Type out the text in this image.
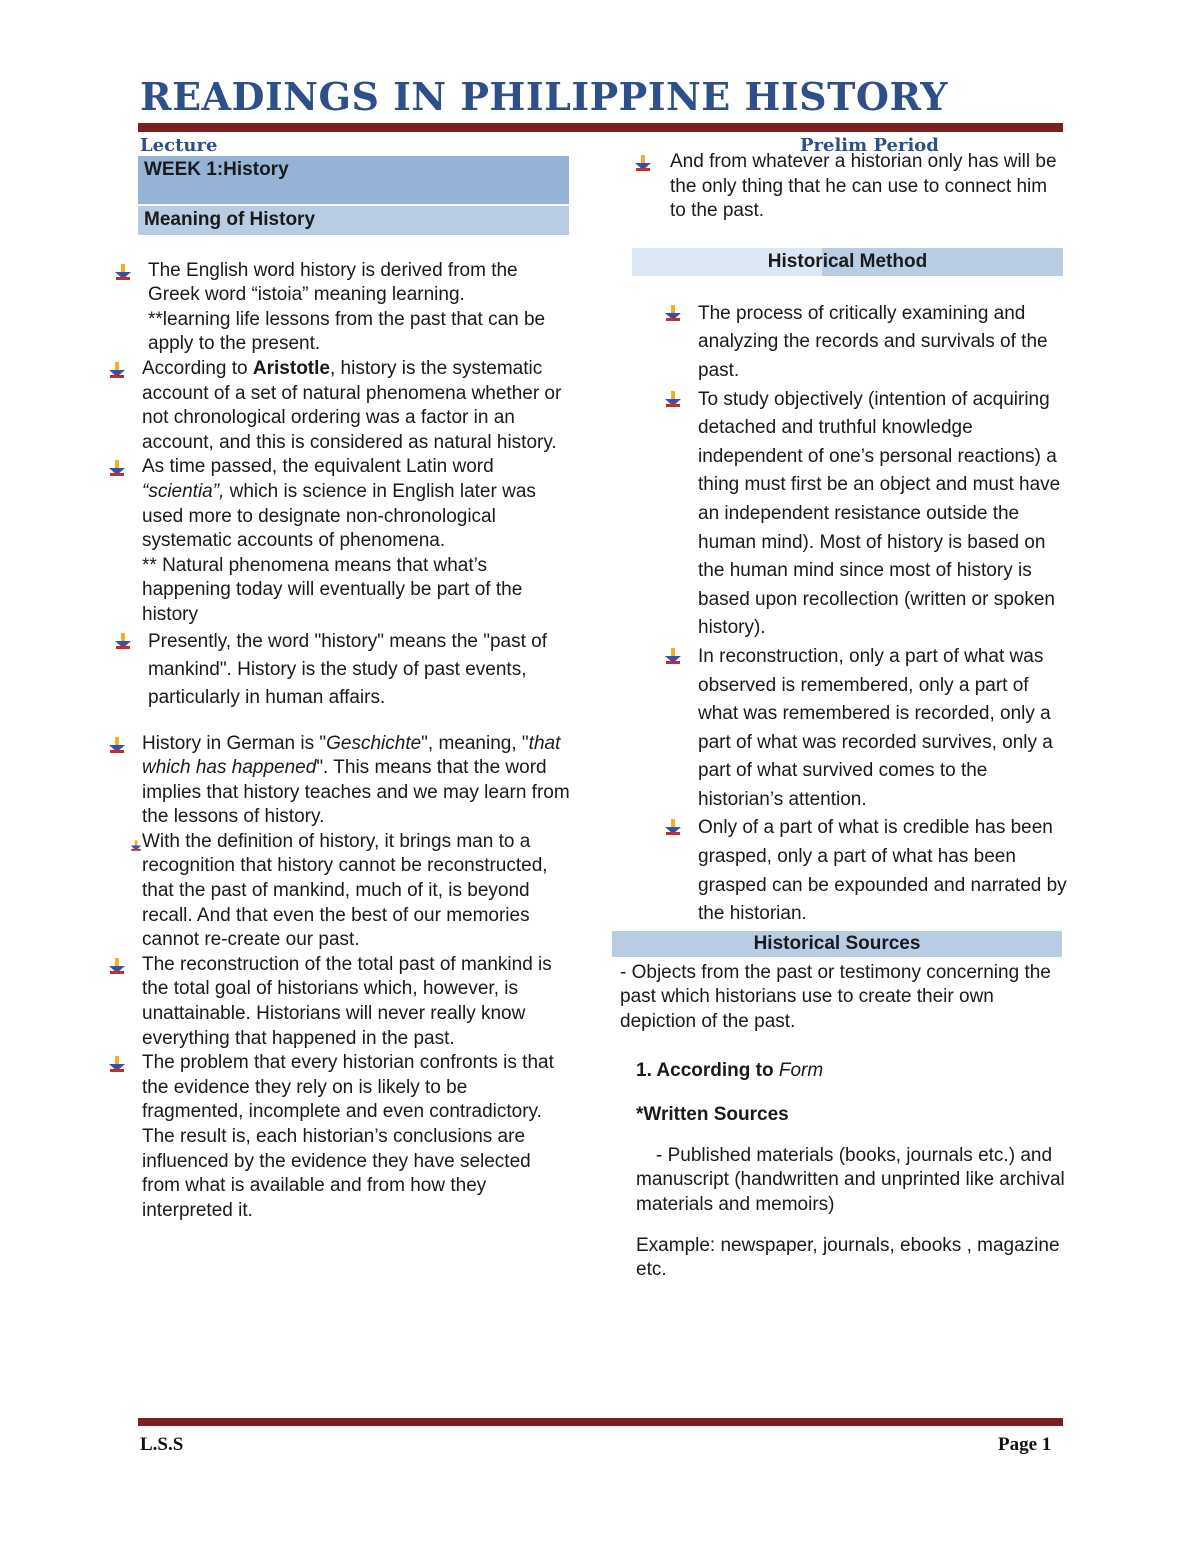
READINGS IN PHILIPPINE HISTORY
Lecture	Prelim Period
WEEK 1:History
Meaning of History

The English word history is derived from the Greek word “istoia” meaning learning.

**learning life lessons from the past that can be apply to the present.

According to Aristotle, history is the systematic account of a set of natural phenomena whether or not chronological ordering was a factor in an account, and this is considered as natural history.

As time passed, the equivalent Latin word “scientia”, which is science in English later was used more to designate non-chronological systematic accounts of phenomena.

** Natural phenomena means that what’s happening today will eventually be part of the history

Presently, the word "history" means the "past of mankind". History is the study of past events, particularly in human affairs.

History in German is "Geschichte", meaning, "that which has happened". This means that the word implies that history teaches and we may learn from the lessons of history.

With the definition of history, it brings man to a recognition that history cannot be reconstructed, that the past of mankind, much of it, is beyond recall. And that even the best of our memories cannot re-create our past.

The reconstruction of the total past of mankind is the total goal of historians which, however, is unattainable. Historians will never really know everything that happened in the past.

The problem that every historian confronts is that the evidence they rely on is likely to be fragmented, incomplete and even contradictory. The result is, each historian’s conclusions are influenced by the evidence they have selected from what is available and from how they interpreted it.

And from whatever a historian only has will be the only thing that he can use to connect him to the past.

Historical Method

The process of critically examining and analyzing the records and survivals of the past.

To study objectively (intention of acquiring detached and truthful knowledge independent of one’s personal reactions) a thing must first be an object and must have an independent resistance outside the human mind). Most of history is based on the human mind since most of history is based upon recollection (written or spoken history).

In reconstruction, only a part of what was observed is remembered, only a part of what was remembered is recorded, only a part of what was recorded survives, only a part of what survived comes to the historian’s attention.

Only of a part of what is credible has been grasped, only a part of what has been grasped can be expounded and narrated by the historian.

Historical Sources

- Objects from the past or testimony concerning the past which historians use to create their own depiction of the past.

1. According to Form

*Written Sources

- Published materials (books, journals etc.) and manuscript (handwritten and unprinted like archival materials and memoirs)

Example: newspaper, journals, ebooks , magazine etc.

L.S.S	Page 1
